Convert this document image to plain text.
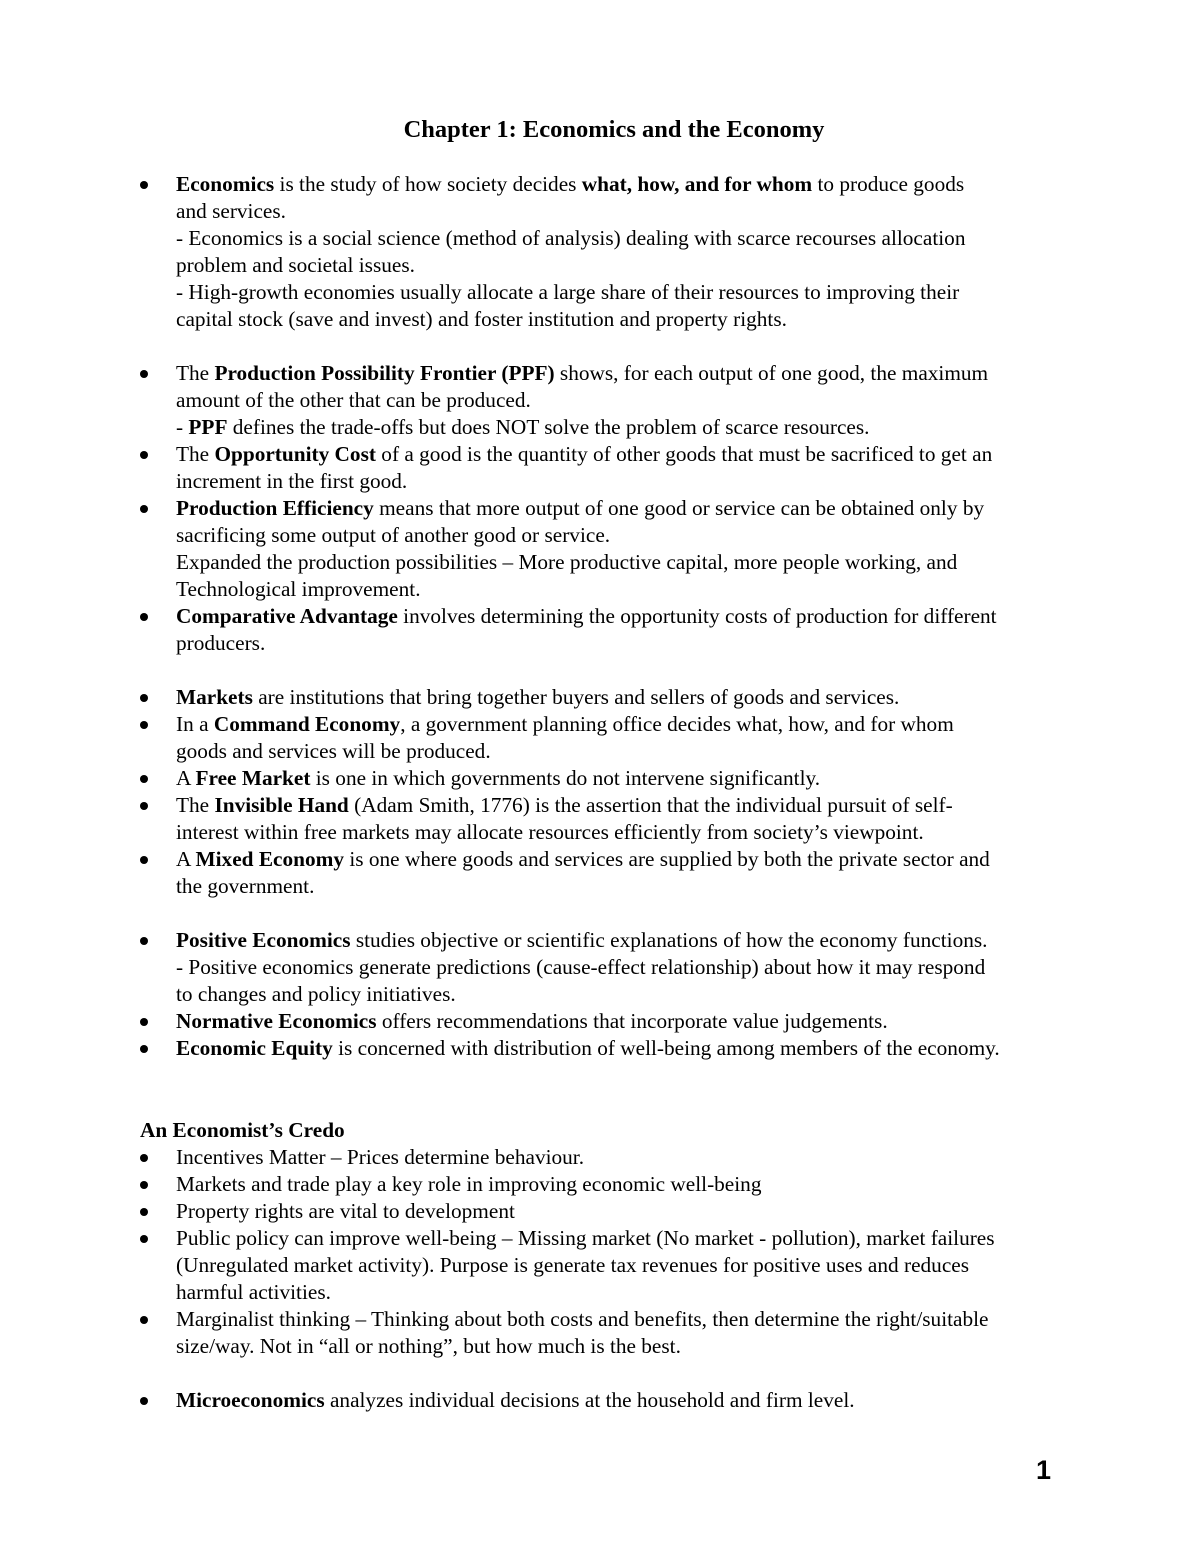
Chapter 1: Economics and the Economy
Economics is the study of how society decides what, how, and for whom to produce goods
and services.
- Economics is a social science (method of analysis) dealing with scarce recourses allocation
problem and societal issues.
- High-growth economies usually allocate a large share of their resources to improving their
capital stock (save and invest) and foster institution and property rights.
The Production Possibility Frontier (PPF) shows, for each output of one good, the maximum
amount of the other that can be produced.
- PPF defines the trade-offs but does NOT solve the problem of scarce resources.
The Opportunity Cost of a good is the quantity of other goods that must be sacrificed to get an
increment in the first good.
Production Efficiency means that more output of one good or service can be obtained only by
sacrificing some output of another good or service.
Expanded the production possibilities – More productive capital, more people working, and
Technological improvement.
Comparative Advantage involves determining the opportunity costs of production for different
producers.
Markets are institutions that bring together buyers and sellers of goods and services.
In a Command Economy, a government planning office decides what, how, and for whom
goods and services will be produced.
A Free Market is one in which governments do not intervene significantly.
The Invisible Hand (Adam Smith, 1776) is the assertion that the individual pursuit of self-
interest within free markets may allocate resources efficiently from society’s viewpoint.
A Mixed Economy is one where goods and services are supplied by both the private sector and
the government.
Positive Economics studies objective or scientific explanations of how the economy functions.
- Positive economics generate predictions (cause-effect relationship) about how it may respond
to changes and policy initiatives.
Normative Economics offers recommendations that incorporate value judgements.
Economic Equity is concerned with distribution of well-being among members of the economy.
An Economist’s Credo
Incentives Matter – Prices determine behaviour.
Markets and trade play a key role in improving economic well-being
Property rights are vital to development
Public policy can improve well-being – Missing market (No market - pollution), market failures
(Unregulated market activity). Purpose is generate tax revenues for positive uses and reduces
harmful activities.
Marginalist thinking – Thinking about both costs and benefits, then determine the right/suitable
size/way. Not in “all or nothing”, but how much is the best.
Microeconomics analyzes individual decisions at the household and firm level.
1
